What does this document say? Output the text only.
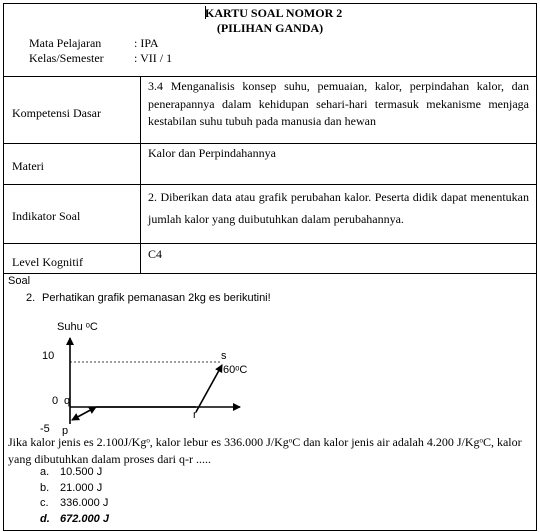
KARTU SOAL NOMOR 2
(PILIHAN GANDA)
Mata Pelajaran	: IPA
Kelas/Semester	: VII / 1
Kompetensi Dasar
3.4 Menganalisis konsep suhu, pemuaian, kalor, perpindahan kalor, dan penerapannya dalam kehidupan sehari-hari termasuk mekanisme menjaga kestabilan suhu tubuh pada manusia dan hewan
Materi
Kalor dan Perpindahannya
Indikator Soal
2. Diberikan data atau grafik perubahan kalor. Peserta didik dapat menentukan jumlah kalor yang duibutuhkan dalam perubahannya.
Level Kognitif
C4
Soal
2. Perhatikan grafik pemanasan 2kg es berikutini!
Suhu ᵒC
10
0 q
-5 p
r
s
60ᵒC
Jika kalor jenis es 2.100J/Kgᵒ, kalor lebur es 336.000 J/KgᵒC dan kalor jenis air adalah 4.200 J/KgᵒC, kalor yang dibutuhkan dalam proses dari q-r .....
a. 10.500 J
b. 21.000 J
c. 336.000 J
d. 672.000 J
